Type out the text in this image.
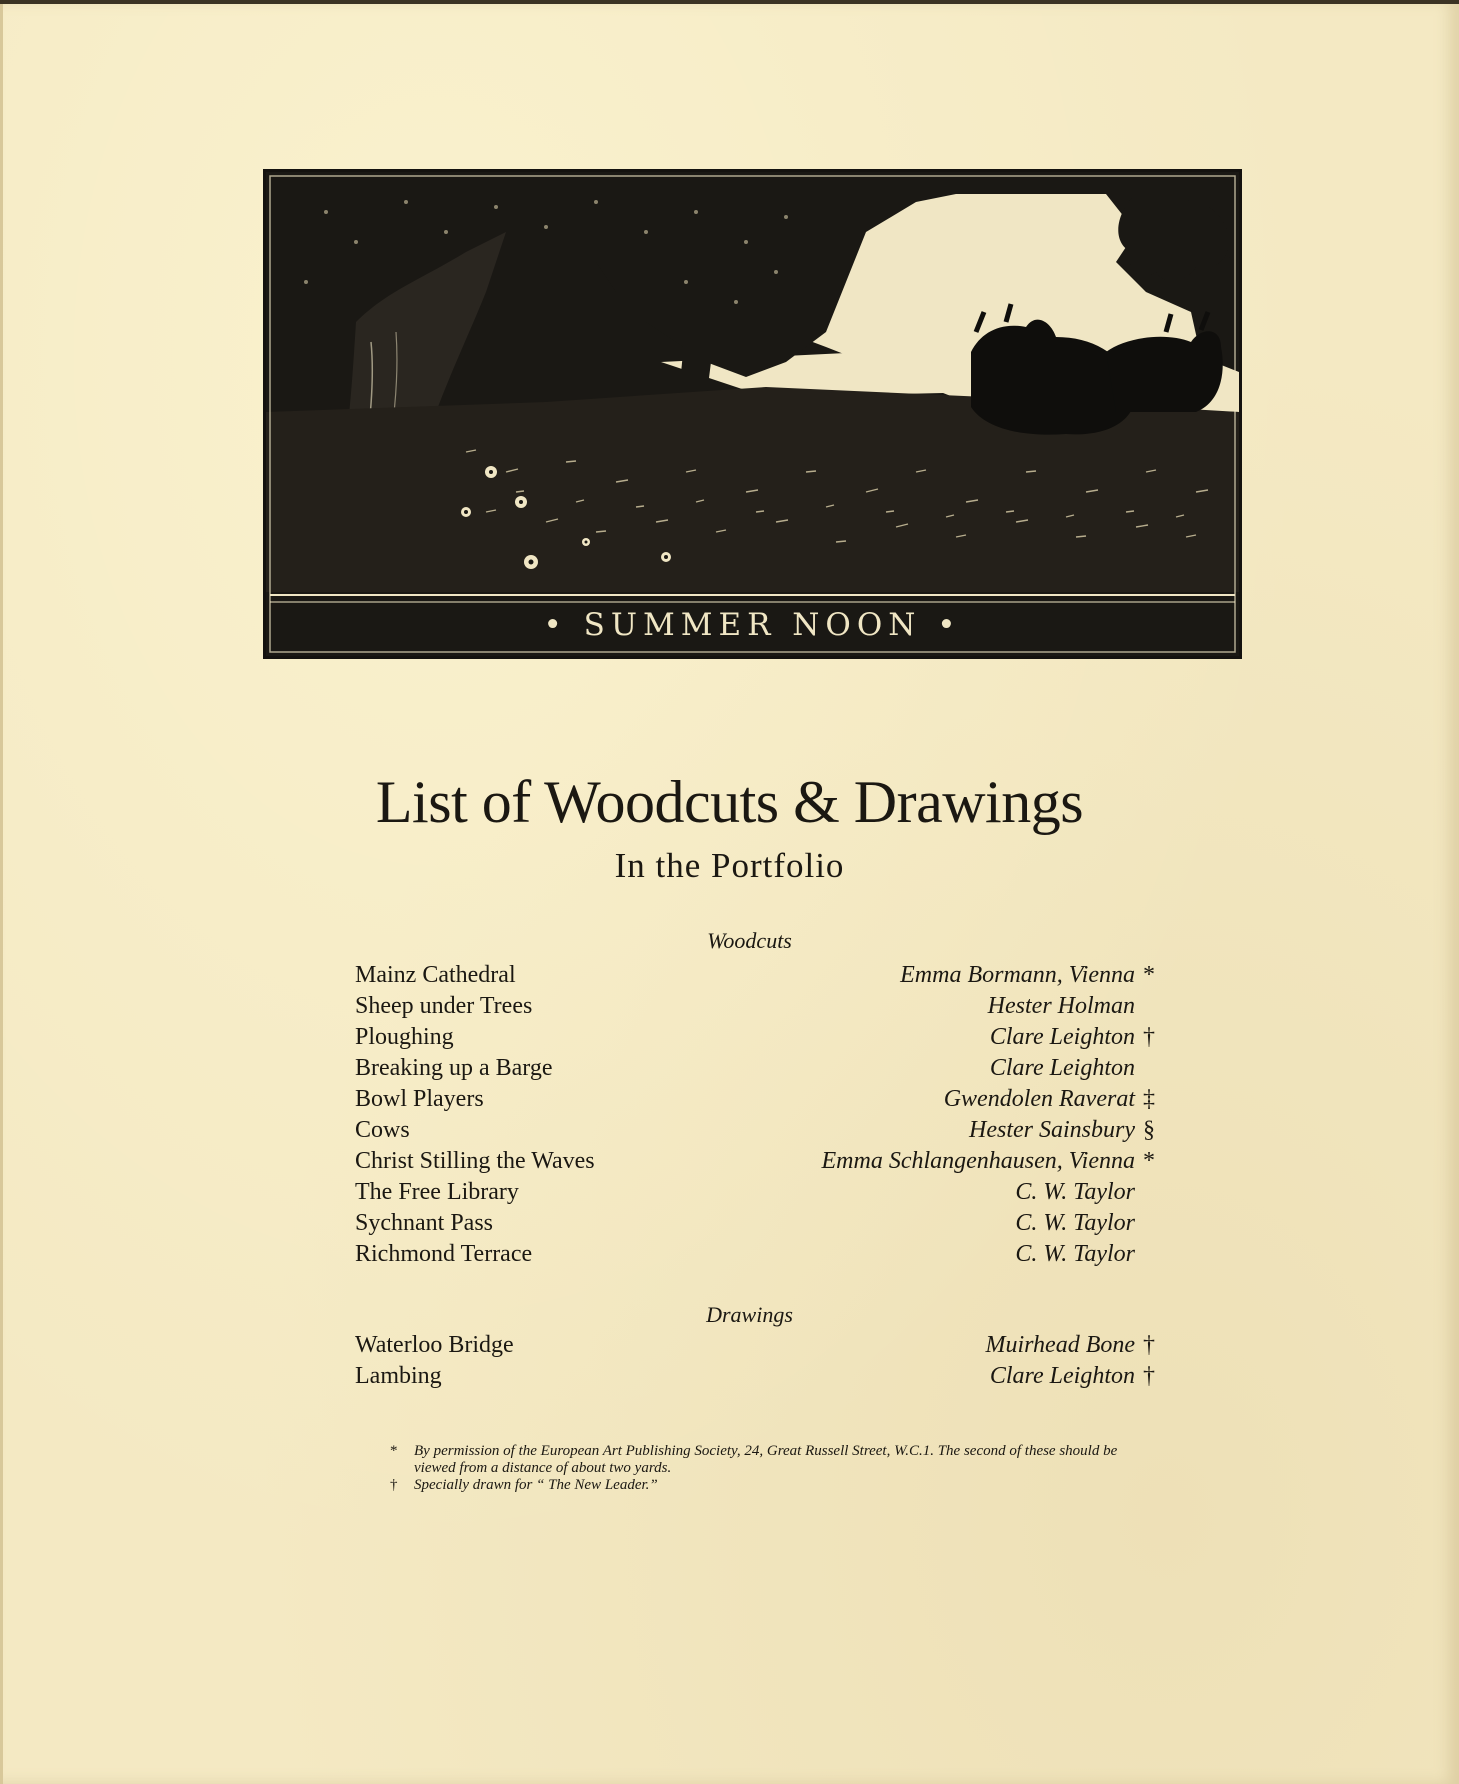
• SUMMER NOON •
List of Woodcuts & Drawings
In the Portfolio
Woodcuts
Mainz Cathedral	Emma Bormann, Vienna *
Sheep under Trees	Hester Holman
Ploughing	Clare Leighton †
Breaking up a Barge	Clare Leighton
Bowl Players	Gwendolen Raverat ‡
Cows	Hester Sainsbury §
Christ Stilling the Waves	Emma Schlangenhausen, Vienna *
The Free Library	C. W. Taylor
Sychnant Pass	C. W. Taylor
Richmond Terrace	C. W. Taylor
Drawings
Waterloo Bridge	Muirhead Bone †
Lambing	Clare Leighton †
* By permission of the European Art Publishing Society, 24, Great Russell Street, W.C.1. The second of these should be viewed from a distance of about two yards.
† Specially drawn for “ The New Leader.”
